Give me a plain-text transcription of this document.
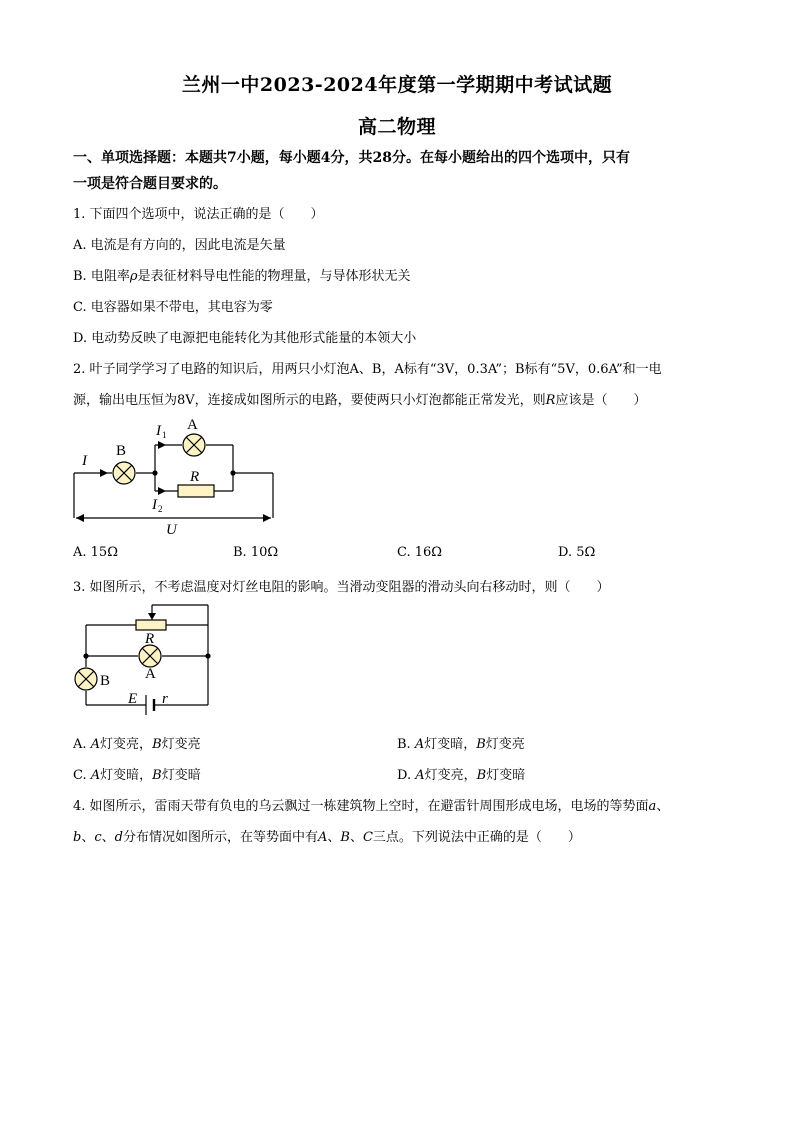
兰州一中2023-2024年度第一学期期中考试试题
高二物理
一、单项选择题：本题共7小题，每小题4分，共28分。在每小题给出的四个选项中，只有
一项是符合题目要求的。
1. 下面四个选项中，说法正确的是（　　）
A. 电流是有方向的，因此电流是矢量
B. 电阻率ρ是表征材料导电性能的物理量，与导体形状无关
C. 电容器如果不带电，其电容为零
D. 电动势反映了电源把电能转化为其他形式能量的本领大小
2. 叶子同学学习了电路的知识后，用两只小灯泡A、B，A标有“3V，0.3A”；B标有“5V，0.6A”和一电
源，输出电压恒为8V，连接成如图所示的电路，要使两只小灯泡都能正常发光，则R应该是（　　）
I
B
A
I 1
I 2
R
U
A. 15Ω	B. 10Ω	C. 16Ω	D. 5Ω
3. 如图所示，不考虑温度对灯丝电阻的影响。当滑动变阻器的滑动头向右移动时，则（　　）
R
A
B
E r
A. A灯变亮，B灯变亮	B. A灯变暗，B灯变亮
C. A灯变暗，B灯变暗	D. A灯变亮，B灯变暗
4. 如图所示，雷雨天带有负电的乌云飘过一栋建筑物上空时，在避雷针周围形成电场，电场的等势面a、
b、c、d分布情况如图所示，在等势面中有A、B、C三点。下列说法中正确的是（　　）
